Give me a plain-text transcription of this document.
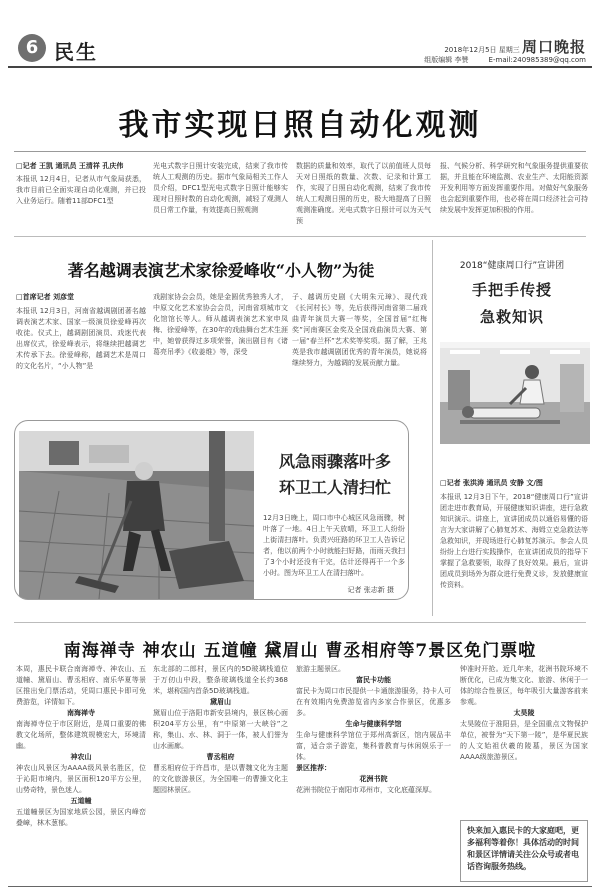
6 民生	2018年12月5日 星期三 周口晚报
组版编辑 李赞	E-mail:240985389@qq.com
我市实现日照自动化观测
□记者 王凯 通讯员 王清祥 孔庆伟
本报讯 12月4日，记者从市气象局获悉，我市目前已全面实现自动化观测，并已投入业务运行。随着11部DFC1型
光电式数字日照计安装完成，结束了我市传统人工观测的历史。据市气象局相关工作人员介绍，DFC1型光电式数字日照计能够实现对日照时数的自动化观测，减轻了观测人员日常工作量，有效提高日照观测
数据的质量和效率，取代了以前值班人员每天对日照纸的数量、次数、记录和计算工作，实现了日照自动化观测，结束了我市传统人工观测日照的历史，极大地提高了日照观测准确度。光电式数字日照计可以为天气预
报、气候分析、科学研究和气象服务提供重要依据，并且能在环境监测、农业生产、太阳能资源开发利用等方面发挥重要作用。对做好气象服务也会起到重要作用，也必将在周口经济社会可持续发展中发挥更加积极的作用。
著名越调表演艺术家徐爱峰收“小人物”为徒
□首席记者 刘彦堂
本报讯 12月3日，河南省越调剧团著名越调表演艺术家、国家一级演员徐爱峰再次收徒。仪式上，越调剧团演员、戏迷代表出席仪式，徐爱峰表示，将继续把越调艺术传承下去。徐爱峰称，越调艺术是周口的文化名片，“小人物”是
戏剧家协会会员，她是金圆优秀独秀人才，中原文化艺术家协会会员，河南省项城市文化馆馆长等人。师从越调表演艺术家申凤梅、徐爱峰等，在30年的戏曲舞台艺术生涯中，她曾获得过多项荣誉，演出剧目有《诸葛亮吊孝》《收姜维》等，深受
子、越调历史剧《大明朱元璋》、现代戏《长河村长》等，先后获得河南省第二届戏曲青年演员大赛一等奖，全国首届“红梅奖”河南赛区金奖及全国戏曲演员大赛、第一届“春兰杯”艺术奖等奖项。据了解，王兆英是我市越调剧团优秀的青年演员，她说将继续努力，为越调的发展贡献力量。
2018“健康周口行”宣讲团
手把手传授
急救知识
□记者 张洪涛 通讯员 安静 文/图
本报讯 12月3日下午，2018“健康周口行”宣讲团走进市教育局，开展健康知识讲座，进行急救知识演示。讲座上，宣讲团成员以通俗易懂的语言为大家讲解了心肺复苏术、海姆立克急救法等急救知识，并现场进行心肺复苏演示。参会人员纷纷上台进行实践操作，在宣讲团成员的指导下掌握了急救要领，取得了良好效果。最后，宣讲团成员到场外为群众进行免费义诊，发放健康宣传资料。
风急雨骤落叶多
环卫工人清扫忙
12月3日晚上，周口市中心城区风急雨骤，树叶落了一地。4日上午天放晴，环卫工人纷纷上街清扫落叶。负责兴旺路的环卫工人告诉记者，他以前两个小时就能扫好路，而雨天我扫了3个小时还没有干完，估计还得再干一个多小时。图为环卫工人在清扫落叶。
记者 张志新 摄
南海禅寺 神农山 五道幢 黛眉山 曹丞相府等7景区免门票啦
本周，惠民卡联合南海禅寺、神农山、五道幢、黛眉山、曹丞相府、南乐华夏等景区推出免门票活动，凭周口惠民卡即可免费游览，详情如下。
南海禅寺
南海禅寺位于市区附近，是周口重要的佛教文化场所，整体建筑规模宏大，环境清幽。
神农山
神农山风景区为AAAA级风景名胜区，位于沁阳市境内，景区面积120平方公里，山势奇特，景色迷人。
五道幢
五道幢景区为国家地质公园，景区内峰峦叠嶂，林木葱郁。
东北部的二郎村，景区内的5D玻璃栈道位于万仞山中段，整条玻璃栈道全长约368米，堪称国内首条5D玻璃栈道。
黛眉山
黛眉山位于洛阳市新安县境内，景区核心面积204平方公里，有“中原第一大峡谷”之称，集山、水、林、洞于一体，被人们誉为山水画廊。
曹丞相府
曹丞相府位于许昌市，是以曹魏文化为主题的文化旅游景区，为全国唯一的曹操文化主题园林景区。
旅游主题景区。
富民卡功能
富民卡为周口市民提供一卡通旅游服务，持卡人可在有效期内免费游览省内多家合作景区，优惠多多。
生命与健康科学馆
生命与健康科学馆位于郑州高新区，馆内展品丰富，适合亲子游览，集科普教育与休闲娱乐于一体。
景区推荐：
花洲书院
花洲书院位于南阳市邓州市，文化底蕴深厚。
钟准时开抢。近几年来，花洲书院环境不断优化，已成为集文化、旅游、休闲于一体的综合性景区，每年吸引大量游客前来参观。
太昊陵
太昊陵位于淮阳县，是全国重点文物保护单位，被誉为“天下第一陵”，是华夏民族的人文始祖伏羲的陵墓，景区为国家AAAA级旅游景区。
快来加入惠民卡的大家庭吧，更多福利等着你！具体活动的时间和景区详情请关注公众号或者电话咨询服务热线。
